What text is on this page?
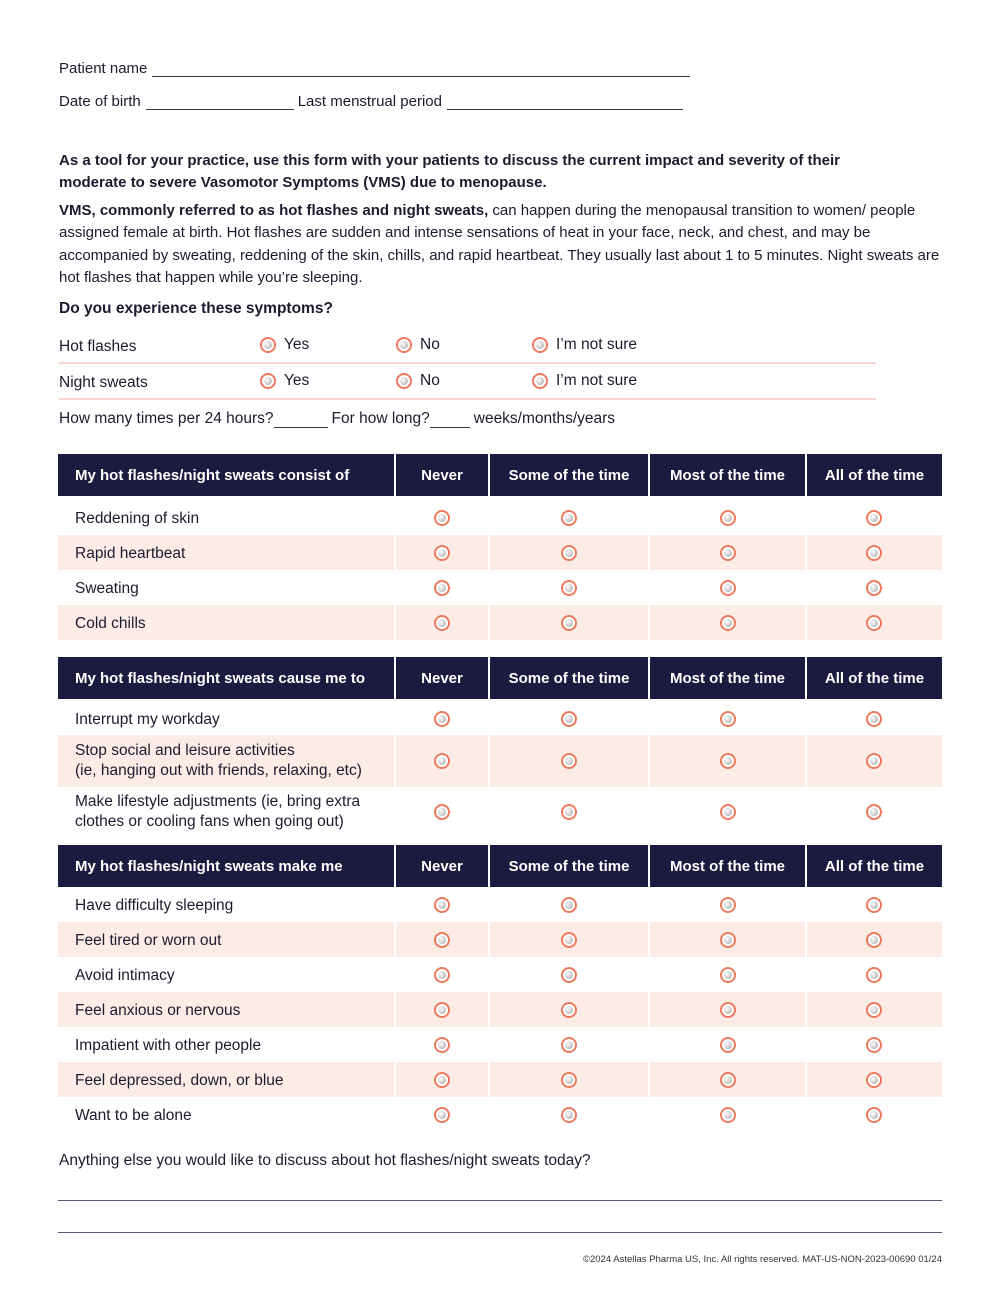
Patient name
Date of birth	Last menstrual period
As a tool for your practice, use this form with your patients to discuss the current impact and severity of their moderate to severe Vasomotor Symptoms (VMS) due to menopause.
VMS, commonly referred to as hot flashes and night sweats, can happen during the menopausal transition to women/ people assigned female at birth. Hot flashes are sudden and intense sensations of heat in your face, neck, and chest, and may be accompanied by sweating, reddening of the skin, chills, and rapid heartbeat. They usually last about 1 to 5 minutes. Night sweats are hot flashes that happen while you’re sleeping.
Do you experience these symptoms?
Hot flashes	Yes	No	I’m not sure
Night sweats	Yes	No	I’m not sure
How many times per 24 hours?	For how long?	weeks/months/years
My hot flashes/night sweats consist of	Never	Some of the time	Most of the time	All of the time
Reddening of skin
Rapid heartbeat
Sweating
Cold chills
My hot flashes/night sweats cause me to	Never	Some of the time	Most of the time	All of the time
Interrupt my workday
Stop social and leisure activities
(ie, hanging out with friends, relaxing, etc)
Make lifestyle adjustments (ie, bring extra
clothes or cooling fans when going out)
My hot flashes/night sweats make me	Never	Some of the time	Most of the time	All of the time
Have difficulty sleeping
Feel tired or worn out
Avoid intimacy
Feel anxious or nervous
Impatient with other people
Feel depressed, down, or blue
Want to be alone
Anything else you would like to discuss about hot flashes/night sweats today?
©2024 Astellas Pharma US, Inc. All rights reserved. MAT-US-NON-2023-00690 01/24
